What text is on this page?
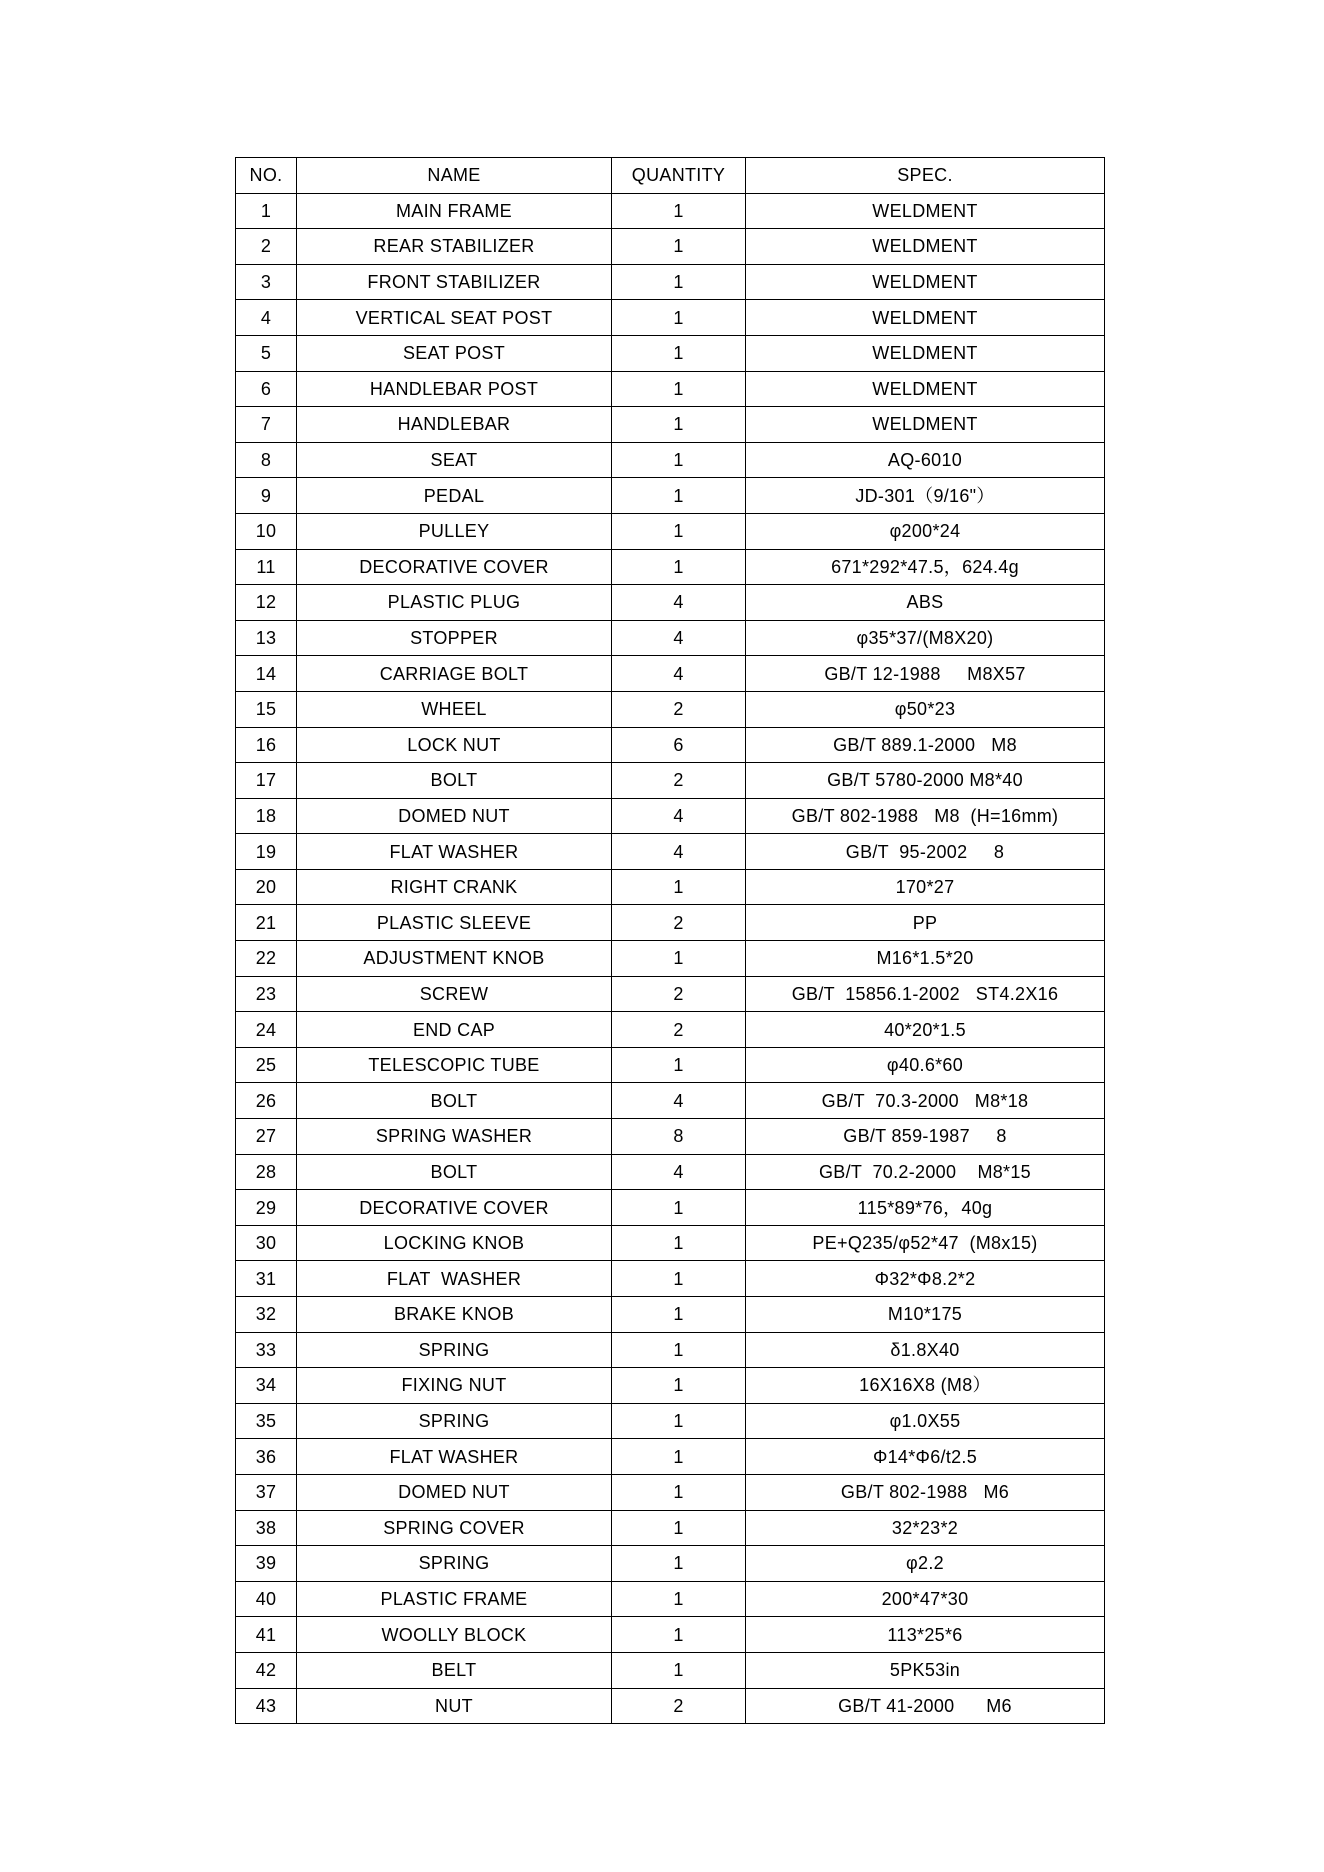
NO.	NAME	QUANTITY	SPEC.
1	MAIN FRAME	1	WELDMENT
2	REAR STABILIZER	1	WELDMENT
3	FRONT STABILIZER	1	WELDMENT
4	VERTICAL SEAT POST	1	WELDMENT
5	SEAT POST	1	WELDMENT
6	HANDLEBAR POST	1	WELDMENT
7	HANDLEBAR	1	WELDMENT
8	SEAT	1	AQ-6010
9	PEDAL	1	JD-301（9/16"）
10	PULLEY	1	φ200*24
11	DECORATIVE COVER	1	671*292*47.5，624.4g
12	PLASTIC PLUG	4	ABS
13	STOPPER	4	φ35*37/(M8X20)
14	CARRIAGE BOLT	4	GB/T 12-1988     M8X57
15	WHEEL	2	φ50*23
16	LOCK NUT	6	GB/T 889.1-2000   M8
17	BOLT	2	GB/T 5780-2000 M8*40
18	DOMED NUT	4	GB/T 802-1988   M8  (H=16mm)
19	FLAT WASHER	4	GB/T  95-2002     8
20	RIGHT CRANK	1	170*27
21	PLASTIC SLEEVE	2	PP
22	ADJUSTMENT KNOB	1	M16*1.5*20
23	SCREW	2	GB/T  15856.1-2002   ST4.2X16
24	END CAP	2	40*20*1.5
25	TELESCOPIC TUBE	1	φ40.6*60
26	BOLT	4	GB/T  70.3-2000   M8*18
27	SPRING WASHER	8	GB/T 859-1987     8
28	BOLT	4	GB/T  70.2-2000    M8*15
29	DECORATIVE COVER	1	115*89*76，40g
30	LOCKING KNOB	1	PE+Q235/φ52*47  (M8x15)
31	FLAT  WASHER	1	Φ32*Φ8.2*2
32	BRAKE KNOB	1	M10*175
33	SPRING	1	δ1.8X40
34	FIXING NUT	1	16X16X8 (M8）
35	SPRING	1	φ1.0X55
36	FLAT WASHER	1	Φ14*Φ6/t2.5
37	DOMED NUT	1	GB/T 802-1988   M6
38	SPRING COVER	1	32*23*2
39	SPRING	1	φ2.2
40	PLASTIC FRAME	1	200*47*30
41	WOOLLY BLOCK	1	113*25*6
42	BELT	1	5PK53in
43	NUT	2	GB/T 41-2000      M6
